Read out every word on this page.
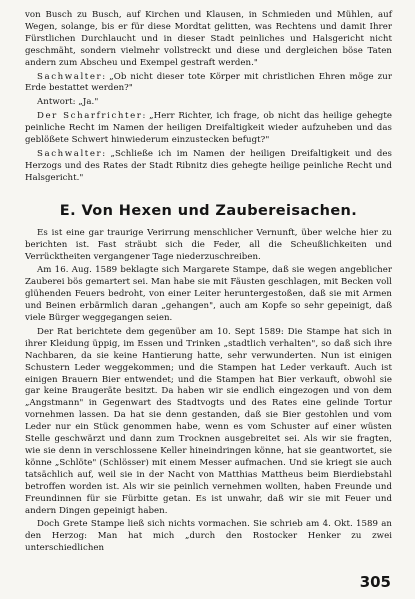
von Busch zu Busch, auf Kirchen und Klausen, in Schmieden und Mühlen, auf Wegen, solange, bis er für diese Mordtat gelitten, was Rechtens und damit Ihrer Fürstlichen Durchlaucht und in dieser Stadt peinliches und Halsgericht nicht geschmäht, sondern vielmehr vollstreckt und diese und dergleichen böse Taten andern zum Abscheu und Exempel gestraft werden."

Sachwalter: „Ob nicht dieser tote Körper mit christlichen Ehren möge zur Erde bestattet werden?"

Antwort: „Ja."

Der Scharfrichter: „Herr Richter, ich frage, ob nicht das heilige gehegte peinliche Recht im Namen der heiligen Dreifaltigkeit wieder aufzuheben und das geblößete Schwert hinwiederum einzustecken befugt?"

Sachwalter: „Schließe ich im Namen der heiligen Dreifaltigkeit und des Herzogs und des Rates der Stadt Ribnitz dies gehegte heilige peinliche Recht und Halsgericht."

E. Von Hexen und Zaubereisachen.

Es ist eine gar traurige Verirrung menschlicher Vernunft, über welche hier zu berichten ist. Fast sträubt sich die Feder, all die Scheußlichkeiten und Verrücktheiten vergangener Tage niederzuschreiben.

Am 16. Aug. 1589 beklagte sich Margarete Stampe, daß sie wegen angeblicher Zauberei bös gemartert sei. Man habe sie mit Fäusten geschlagen, mit Becken voll glühenden Feuers bedroht, von einer Leiter heruntergestoßen, daß sie mit Armen und Beinen erbärmlich daran „gehangen", auch am Kopfe so sehr gepeinigt, daß viele Bürger weggegangen seien.

Der Rat berichtete dem gegenüber am 10. Sept 1589: Die Stampe hat sich in ihrer Kleidung üppig, im Essen und Trinken „stadtlich verhalten", so daß sich ihre Nachbaren, da sie keine Hantierung hatte, sehr verwunderten. Nun ist einigen Schustern Leder weggekommen; und die Stampen hat Leder verkauft. Auch ist einigen Brauern Bier entwendet; und die Stampen hat Bier verkauft, obwohl sie gar keine Braugeräte besitzt. Da haben wir sie endlich eingezogen und von dem „Angstmann" in Gegenwart des Stadtvogts und des Rates eine gelinde Tortur vornehmen lassen. Da hat sie denn gestanden, daß sie Bier gestohlen und vom Leder nur ein Stück genommen habe, wenn es vom Schuster auf einer wüsten Stelle geschwärzt und dann zum Trocknen ausgebreitet sei. Als wir sie fragten, wie sie denn in verschlossene Keller hineindringen könne, hat sie geantwortet, sie könne „Schlöte" (Schlösser) mit einem Messer aufmachen. Und sie kriegt sie auch tatsächlich auf, weil sie in der Nacht von Matthias Mattheus beim Bierdiebstahl betroffen worden ist. Als wir sie peinlich vernehmen wollten, haben Freunde und Freundinnen für sie Fürbitte getan. Es ist unwahr, daß wir sie mit Feuer und andern Dingen gepeinigt haben.

Doch Grete Stampe ließ sich nichts vormachen. Sie schrieb am 4. Okt. 1589 an den Herzog: Man hat mich „durch den Rostocker Henker zu zwei unterschiedlichen

305
